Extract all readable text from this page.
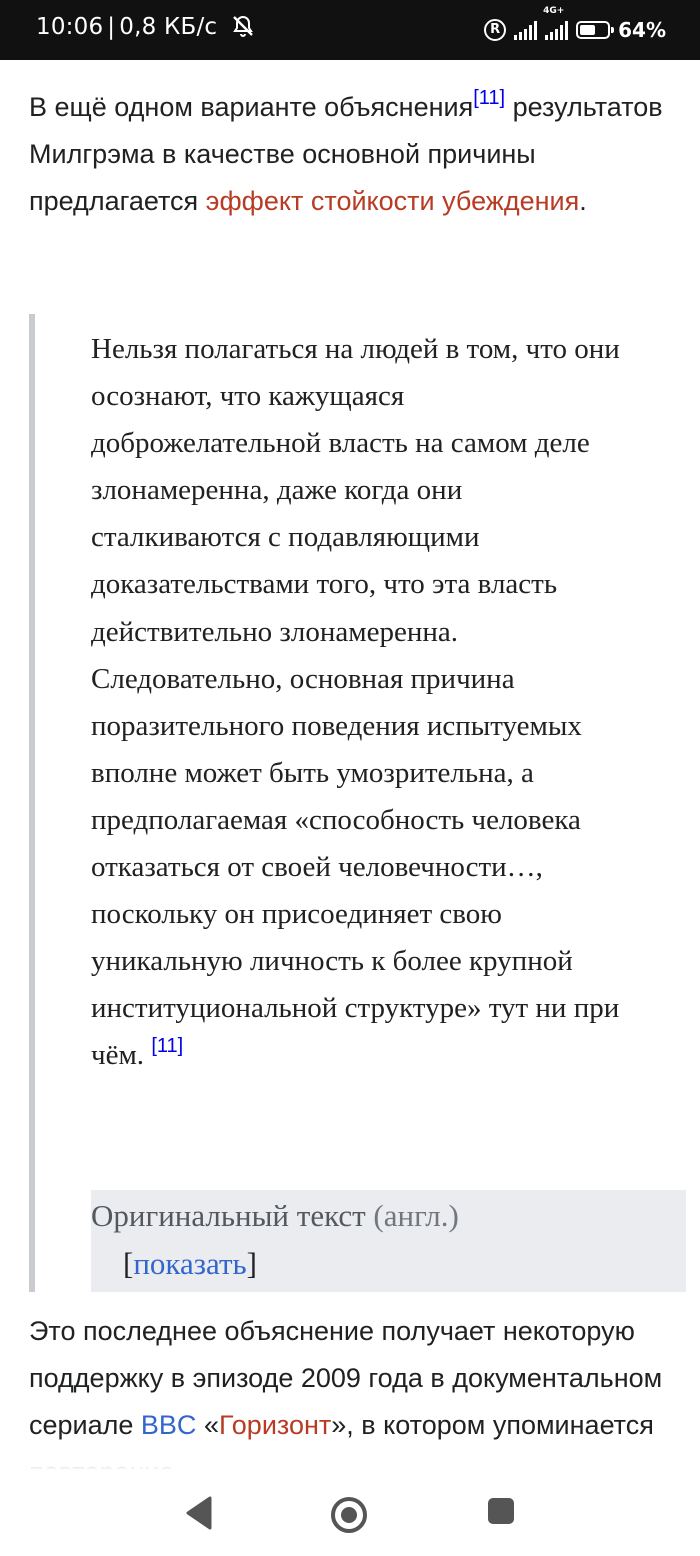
10:06 | 0,8 КБ/с	R
4G+
64%

В ещё одном варианте объяснения[11] результатов Милгрэма в качестве основной причины предлагается эффект стойкости убеждения.

Нельзя полагаться на людей в том, что они осознают, что кажущаяся доброжелательной власть на самом деле злонамеренна, даже когда они сталкиваются с подавляющими доказательствами того, что эта власть действительно злонамеренна. Следовательно, основная причина поразительного поведения испытуемых вполне может быть умозрительна, а предполагаемая «способность человека отказаться от своей человечности…, поскольку он присоединяет свою уникальную личность к более крупной институциональной структуре» тут ни при чём. [11]

Оригинальный текст (англ.)
[показать]

Это последнее объяснение получает некоторую поддержку в эпизоде 2009 года в документальном сериале BBC «Горизонт», в котором упоминается
